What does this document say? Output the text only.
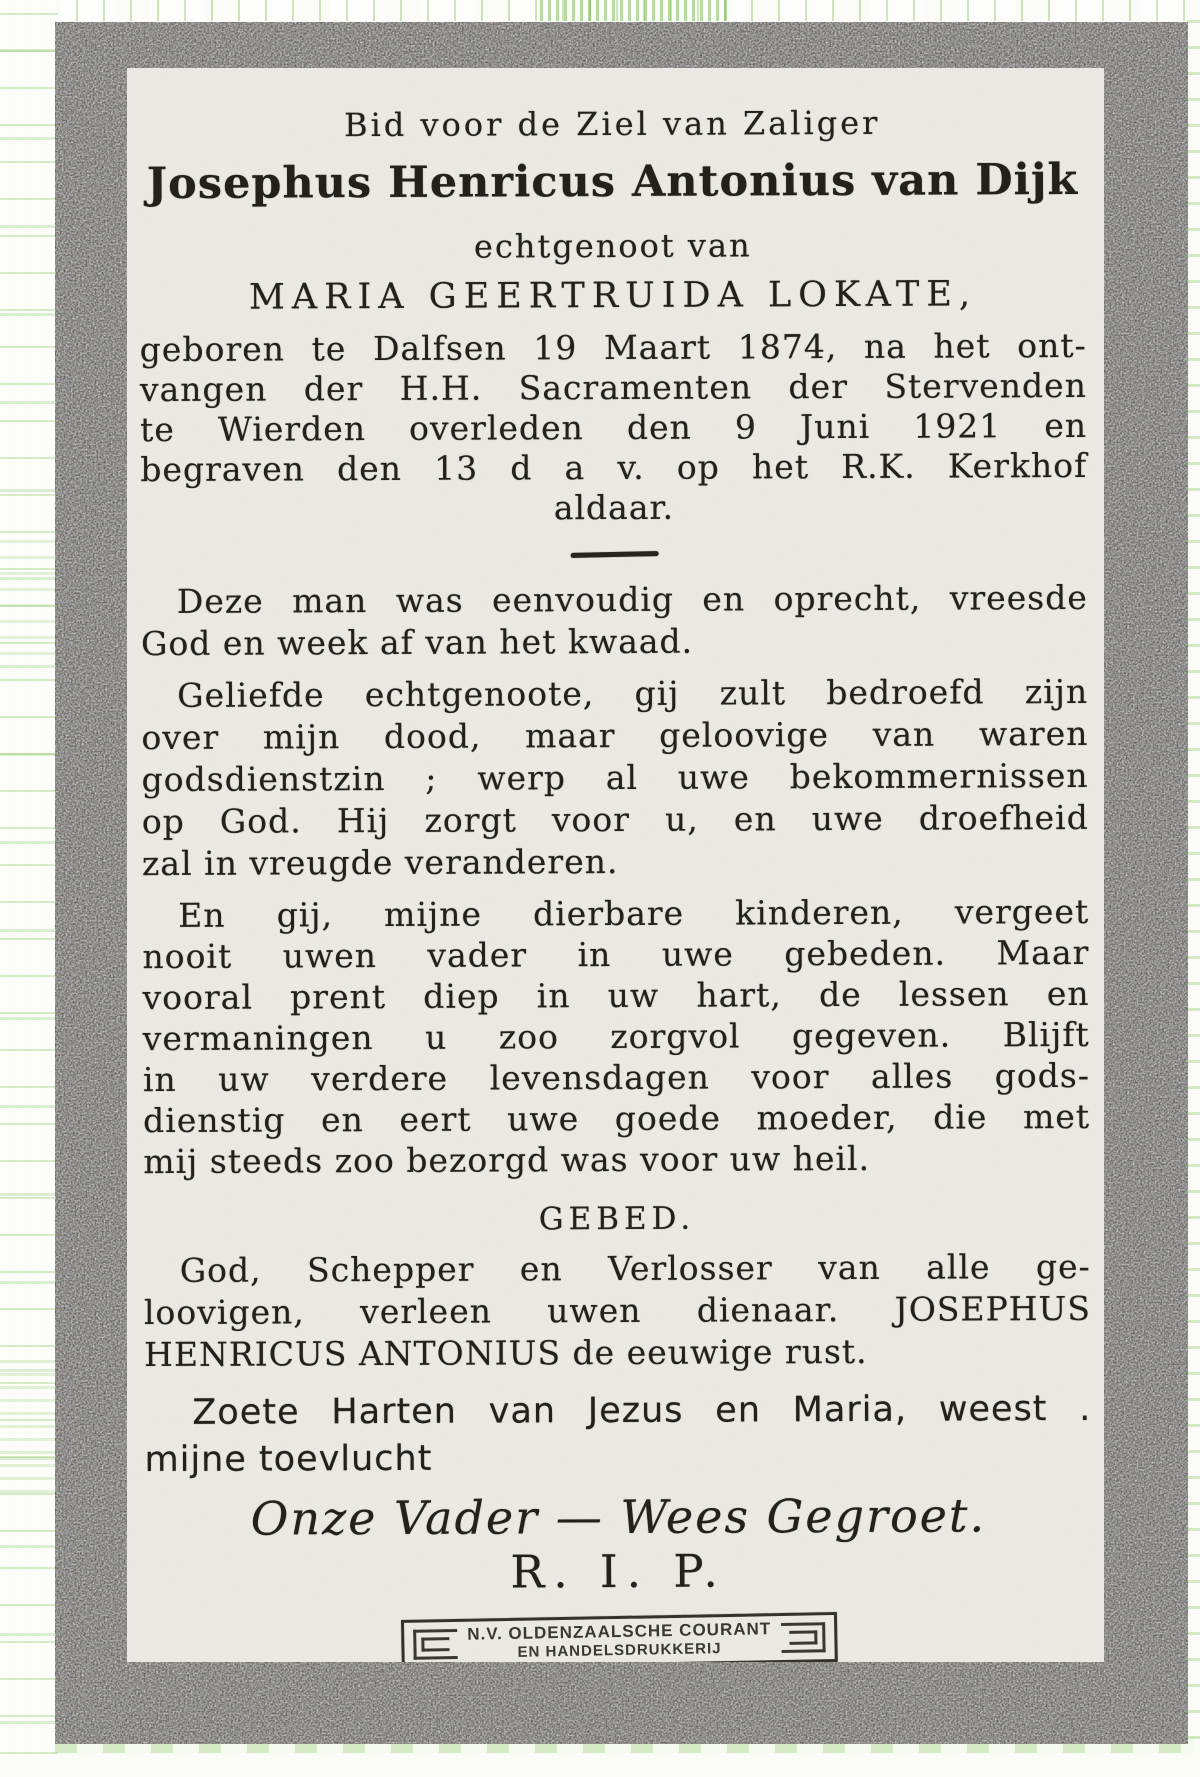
Bid voor de Ziel van Zaliger
Josephus Henricus Antonius van Dijk
echtgenoot van
MARIA GEERTRUIDA LOKATE,
geboren te Dalfsen 19 Maart 1874, na het ont-
vangen der H.H. Sacramenten der Stervenden
te Wierden overleden den 9 Juni 1921 en
begraven den 13 d a v. op het R.K. Kerkhof
aldaar.
Deze man was eenvoudig en oprecht, vreesde
God en week af van het kwaad.
Geliefde echtgenoote, gij zult bedroefd zijn
over mijn dood, maar geloovige van waren
godsdienstzin ; werp al uwe bekommernissen
op God. Hij zorgt voor u, en uwe droefheid
zal in vreugde veranderen.
En gij, mijne dierbare kinderen, vergeet
nooit uwen vader in uwe gebeden. Maar
vooral prent diep in uw hart, de lessen en
vermaningen u zoo zorgvol gegeven. Blijft
in uw verdere levensdagen voor alles gods-
dienstig en eert uwe goede moeder, die met
mij steeds zoo bezorgd was voor uw heil.
GEBED.
God, Schepper en Verlosser van alle ge-
loovigen, verleen uwen dienaar. JOSEPHUS
HENRICUS ANTONIUS de eeuwige rust.
Zoete Harten van Jezus en Maria, weest .
mijne toevlucht
Onze Vader — Wees Gegroet.
R. I. P.
N.V. OLDENZAALSCHE COURANT
EN HANDELSDRUKKERIJ
